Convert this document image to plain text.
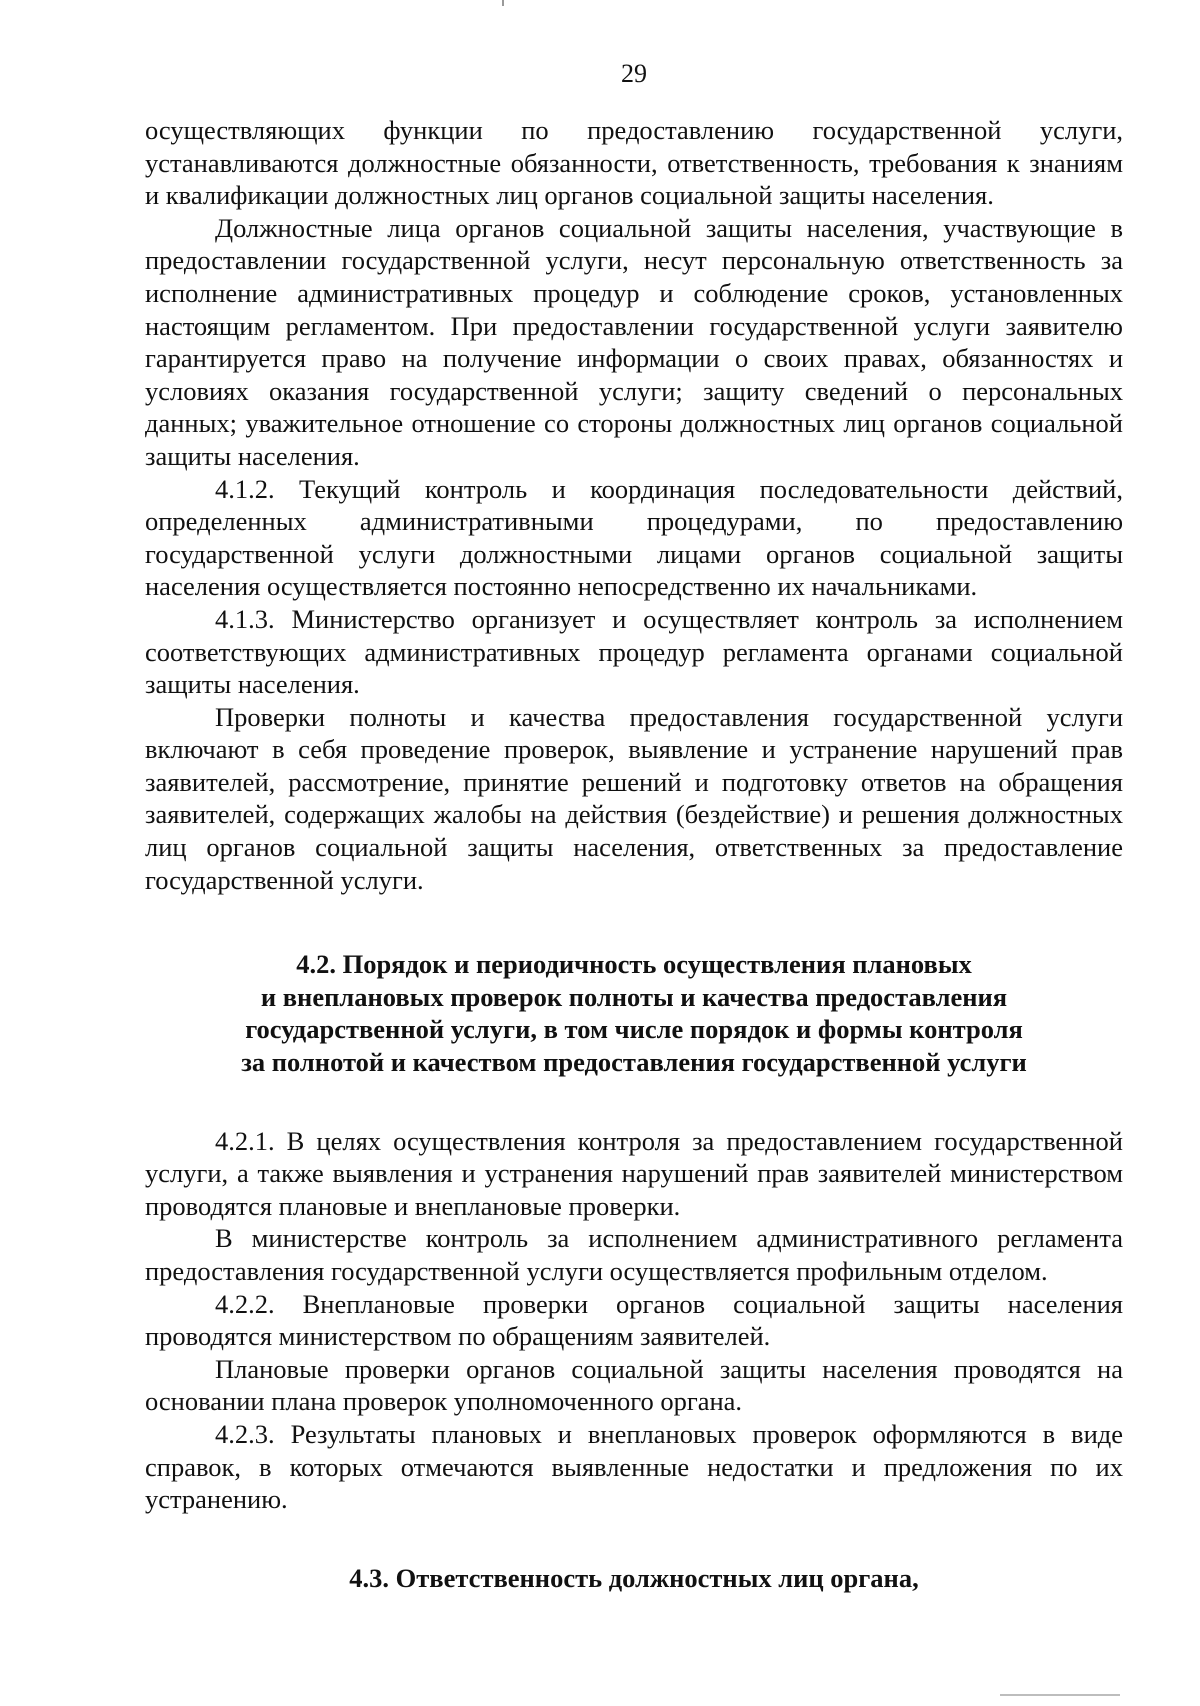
29

осуществляющих функции по предоставлению государственной услуги, устанавливаются должностные обязанности, ответственность, требования к знаниям и квалификации должностных лиц органов социальной защиты населения.

Должностные лица органов социальной защиты населения, участвующие в предоставлении государственной услуги, несут персональную ответственность за исполнение административных процедур и соблюдение сроков, установленных настоящим регламентом. При предоставлении государственной услуги заявителю гарантируется право на получение информации о своих правах, обязанностях и условиях оказания государственной услуги; защиту сведений о персональных данных; уважительное отношение со стороны должностных лиц органов социальной защиты населения.

4.1.2. Текущий контроль и координация последовательности действий, определенных административными процедурами, по предоставлению государственной услуги должностными лицами органов социальной защиты населения осуществляется постоянно непосредственно их начальниками.

4.1.3. Министерство организует и осуществляет контроль за исполнением соответствующих административных процедур регламента органами социальной защиты населения.

Проверки полноты и качества предоставления государственной услуги включают в себя проведение проверок, выявление и устранение нарушений прав заявителей, рассмотрение, принятие решений и подготовку ответов на обращения заявителей, содержащих жалобы на действия (бездействие) и решения должностных лиц органов социальной защиты населения, ответственных за предоставление государственной услуги.

4.2. Порядок и периодичность осуществления плановых
и внеплановых проверок полноты и качества предоставления
государственной услуги, в том числе порядок и формы контроля
за полнотой и качеством предоставления государственной услуги

4.2.1. В целях осуществления контроля за предоставлением государственной услуги, а также выявления и устранения нарушений прав заявителей министерством проводятся плановые и внеплановые проверки.

В министерстве контроль за исполнением административного регламента предоставления государственной услуги осуществляется профильным отделом.

4.2.2. Внеплановые проверки органов социальной защиты населения проводятся министерством по обращениям заявителей.

Плановые проверки органов социальной защиты населения проводятся на основании плана проверок уполномоченного органа.

4.2.3. Результаты плановых и внеплановых проверок оформляются в виде справок, в которых отмечаются выявленные недостатки и предложения по их устранению.

4.3. Ответственность должностных лиц органа,
